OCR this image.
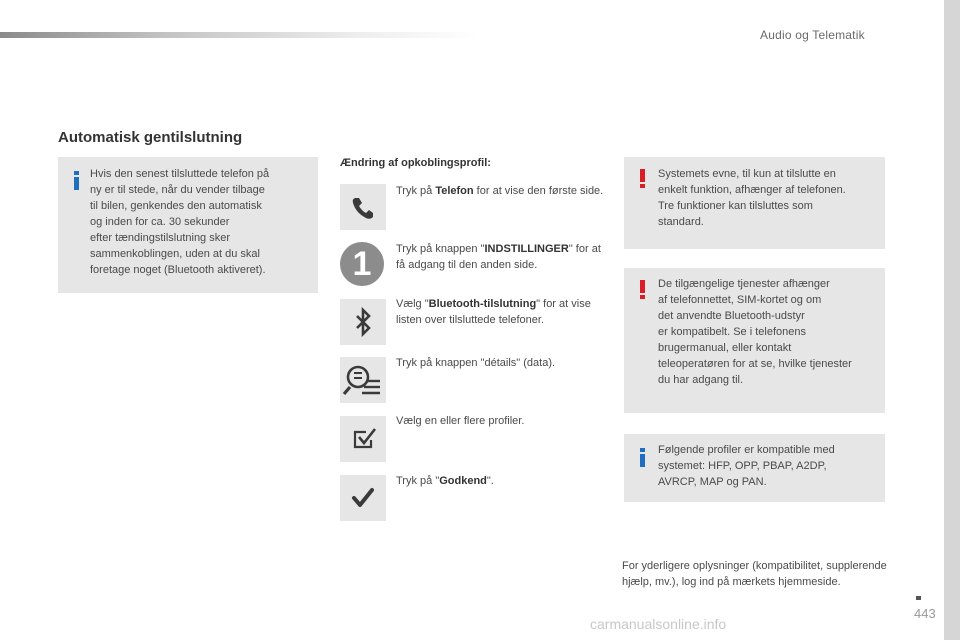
Audio og Telematik
Automatisk gentilslutning
Hvis den senest tilsluttede telefon på
ny er til stede, når du vender tilbage
til bilen, genkendes den automatisk
og inden for ca. 30 sekunder
efter tændingstilslutning sker
sammenkoblingen, uden at du skal
foretage noget (Bluetooth aktiveret).
Ændring af opkoblingsprofil:
Tryk på Telefon for at vise den første side.
1	Tryk på knappen "INDSTILLINGER" for at få adgang til den anden side.
Vælg "Bluetooth-tilslutning" for at vise listen over tilsluttede telefoner.
Tryk på knappen "détails" (data).
Vælg en eller flere profiler.
Tryk på "Godkend".
Systemets evne, til kun at tilslutte en
enkelt funktion, afhænger af telefonen.
Tre funktioner kan tilsluttes som
standard.
De tilgængelige tjenester afhænger
af telefonnettet, SIM-kortet og om
det anvendte Bluetooth-udstyr
er kompatibelt. Se i telefonens
brugermanual, eller kontakt
teleoperatøren for at se, hvilke tjenester
du har adgang til.
Følgende profiler er kompatible med
systemet: HFP, OPP, PBAP, A2DP,
AVRCP, MAP og PAN.
For yderligere oplysninger (kompatibilitet, supplerende hjælp, mv.), log ind på mærkets hjemmeside.
443
carmanualsonline.info
